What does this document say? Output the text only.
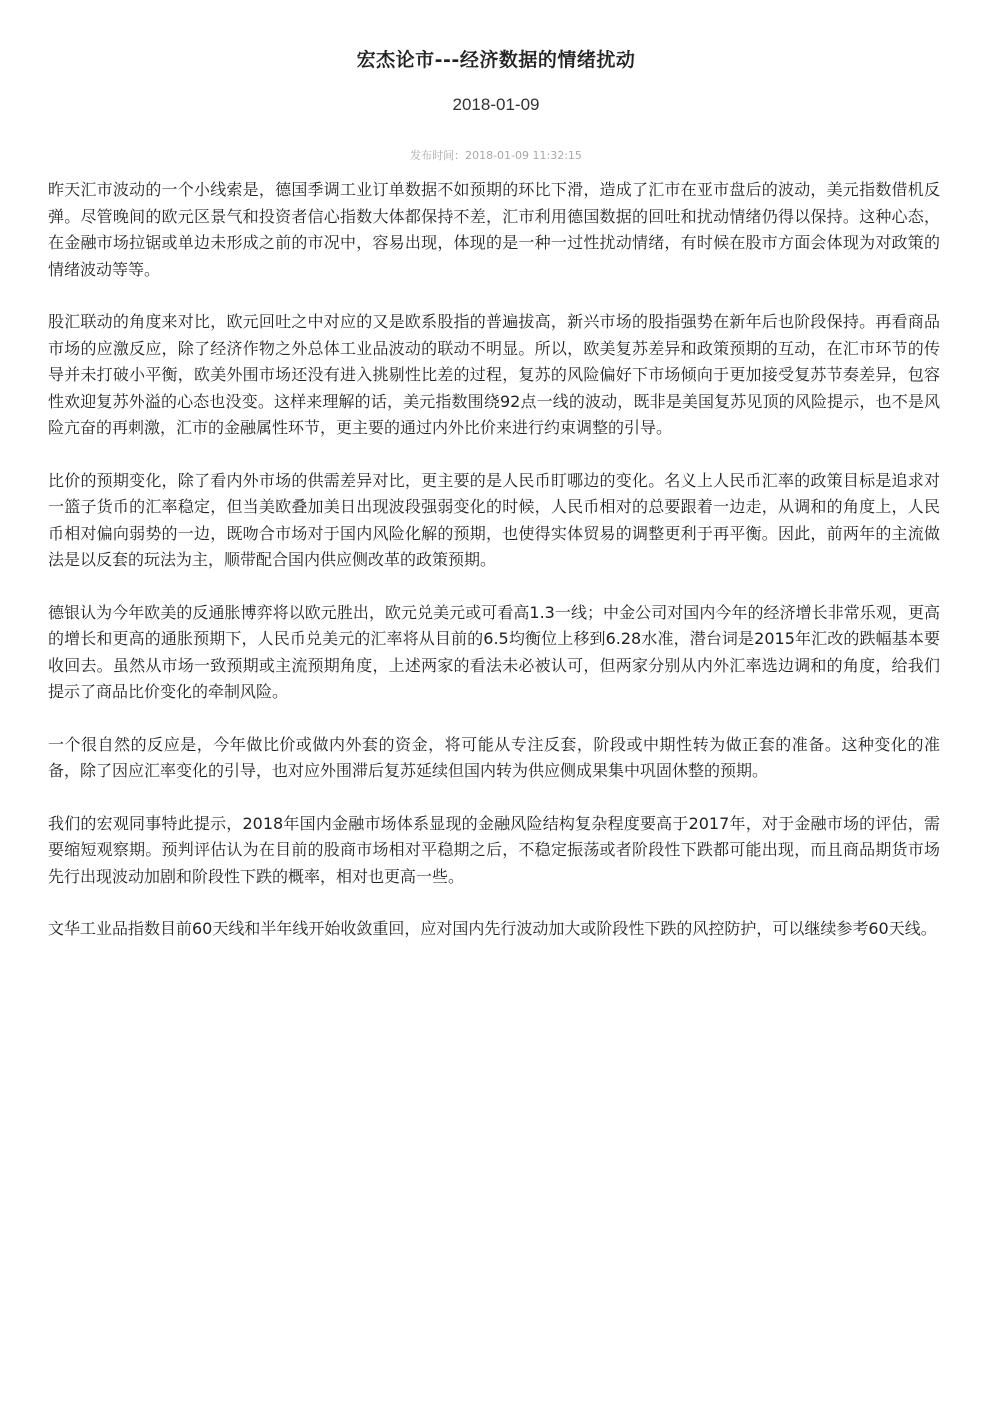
宏杰论市---经济数据的情绪扰动
2018-01-09
发布时间：2018-01-09 11:32:15

昨天汇市波动的一个小线索是，德国季调工业订单数据不如预期的环比下滑，造成了汇市在亚市盘后的波动，美元指数借机反弹。尽管晚间的欧元区景气和投资者信心指数大体都保持不差，汇市利用德国数据的回吐和扰动情绪仍得以保持。这种心态，在金融市场拉锯或单边未形成之前的市况中，容易出现，体现的是一种一过性扰动情绪，有时候在股市方面会体现为对政策的情绪波动等等。

股汇联动的角度来对比，欧元回吐之中对应的又是欧系股指的普遍拔高，新兴市场的股指强势在新年后也阶段保持。再看商品市场的应激反应，除了经济作物之外总体工业品波动的联动不明显。所以，欧美复苏差异和政策预期的互动，在汇市环节的传导并未打破小平衡，欧美外围市场还没有进入挑剔性比差的过程，复苏的风险偏好下市场倾向于更加接受复苏节奏差异，包容性欢迎复苏外溢的心态也没变。这样来理解的话，美元指数围绕92点一线的波动，既非是美国复苏见顶的风险提示，也不是风险亢奋的再刺激，汇市的金融属性环节，更主要的通过内外比价来进行约束调整的引导。

比价的预期变化，除了看内外市场的供需差异对比，更主要的是人民币盯哪边的变化。名义上人民币汇率的政策目标是追求对一篮子货币的汇率稳定，但当美欧叠加美日出现波段强弱变化的时候，人民币相对的总要跟着一边走，从调和的角度上，人民币相对偏向弱势的一边，既吻合市场对于国内风险化解的预期，也使得实体贸易的调整更利于再平衡。因此，前两年的主流做法是以反套的玩法为主，顺带配合国内供应侧改革的政策预期。

德银认为今年欧美的反通胀博弈将以欧元胜出，欧元兑美元或可看高1.3一线；中金公司对国内今年的经济增长非常乐观，更高的增长和更高的通胀预期下，人民币兑美元的汇率将从目前的6.5均衡位上移到6.28水准，潜台词是2015年汇改的跌幅基本要收回去。虽然从市场一致预期或主流预期角度，上述两家的看法未必被认可，但两家分别从内外汇率选边调和的角度，给我们提示了商品比价变化的牵制风险。

一个很自然的反应是，今年做比价或做内外套的资金，将可能从专注反套，阶段或中期性转为做正套的准备。这种变化的准备，除了因应汇率变化的引导，也对应外围滞后复苏延续但国内转为供应侧成果集中巩固休整的预期。

我们的宏观同事特此提示，2018年国内金融市场体系显现的金融风险结构复杂程度要高于2017年，对于金融市场的评估，需要缩短观察期。预判评估认为在目前的股商市场相对平稳期之后，不稳定振荡或者阶段性下跌都可能出现，而且商品期货市场先行出现波动加剧和阶段性下跌的概率，相对也更高一些。

文华工业品指数目前60天线和半年线开始收敛重回，应对国内先行波动加大或阶段性下跌的风控防护，可以继续参考60天线。
